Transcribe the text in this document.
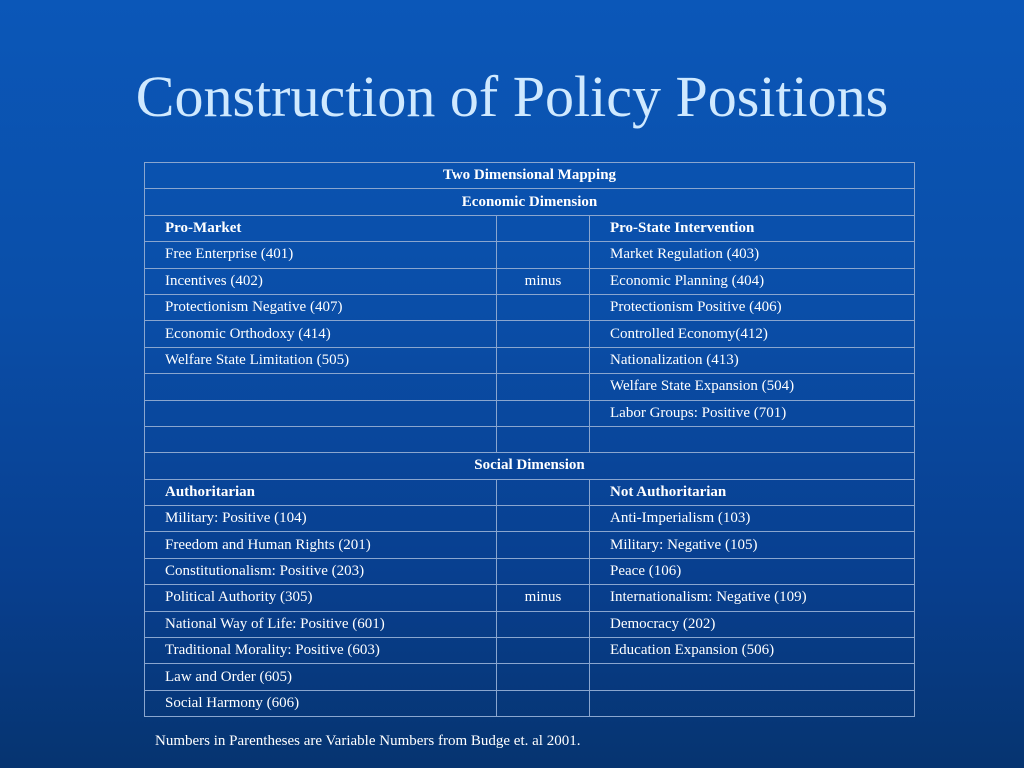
Construction of Policy Positions
Two Dimensional Mapping		
Economic Dimension		
Pro-Market		Pro-State Intervention
Free Enterprise (401)		Market Regulation (403)
Incentives (402)	minus	Economic Planning (404)
Protectionism Negative (407)		Protectionism Positive (406)
Economic Orthodoxy (414)		Controlled Economy(412)
Welfare State Limitation (505)		Nationalization (413)
		Welfare State Expansion (504)
		Labor Groups: Positive (701)

Social Dimension		
Authoritarian		Not Authoritarian
Military: Positive (104)		Anti-Imperialism (103)
Freedom and Human Rights (201)		Military: Negative (105)
Constitutionalism: Positive (203)		Peace (106)
Political Authority (305)	minus	Internationalism: Negative (109)
National Way of Life: Positive (601)		Democracy (202)
Traditional Morality: Positive (603)		Education Expansion (506)
Law and Order (605)		
Social Harmony (606)		
Numbers in Parentheses are Variable Numbers from Budge et. al 2001.
